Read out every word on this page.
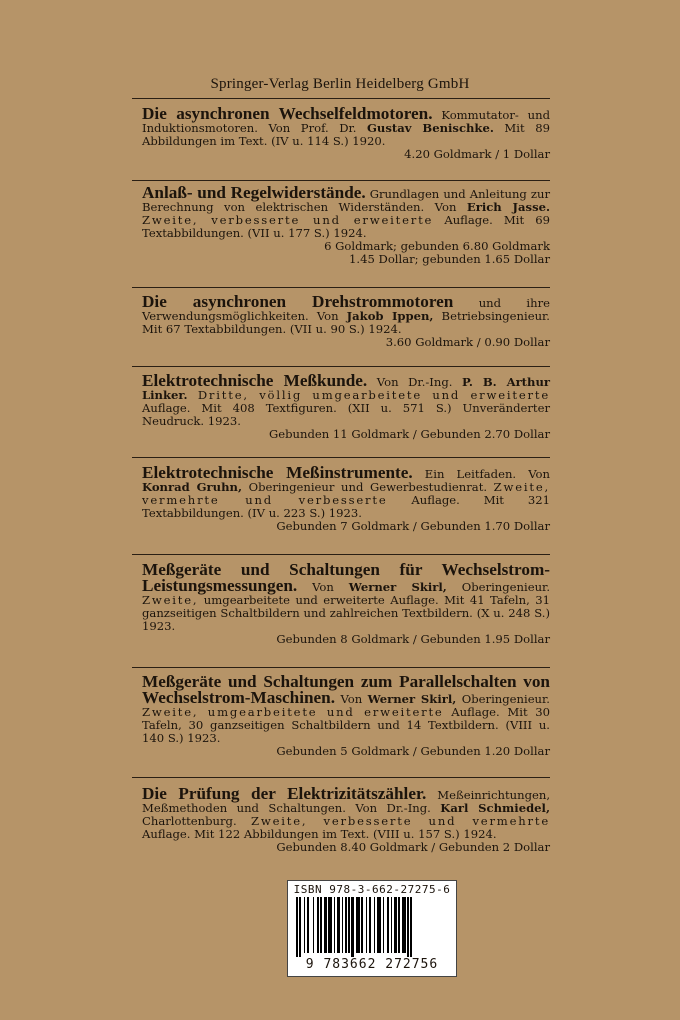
Springer-Verlag Berlin Heidelberg GmbH
Die asynchronen Wechselfeldmotoren. Kommutator- und Induktionsmotoren. Von Prof. Dr. Gustav Benischke. Mit 89 Abbildungen im Text. (IV u. 114 S.) 1920.
4.20 Goldmark / 1 Dollar
Anlaß- und Regelwiderstände. Grundlagen und Anleitung zur Berechnung von elektrischen Widerständen. Von Erich Jasse. Zweite, verbesserte und erweiterte Auflage. Mit 69 Textabbildungen. (VII u. 177 S.) 1924.
6 Goldmark; gebunden 6.80 Goldmark
1.45 Dollar; gebunden 1.65 Dollar
Die asynchronen Drehstrommotoren und ihre Verwendungsmöglichkeiten. Von Jakob Ippen, Betriebsingenieur. Mit 67 Textabbildungen. (VII u. 90 S.) 1924.
3.60 Goldmark / 0.90 Dollar
Elektrotechnische Meßkunde. Von Dr.-Ing. P. B. Arthur Linker. Dritte, völlig umgearbeitete und erweiterte Auflage. Mit 408 Textfiguren. (XII u. 571 S.) Unveränderter Neudruck. 1923.
Gebunden 11 Goldmark / Gebunden 2.70 Dollar
Elektrotechnische Meßinstrumente. Ein Leitfaden. Von Konrad Gruhn, Oberingenieur und Gewerbestudienrat. Zweite, vermehrte und verbesserte Auflage. Mit 321 Textabbildungen. (IV u. 223 S.) 1923.
Gebunden 7 Goldmark / Gebunden 1.70 Dollar
Meßgeräte und Schaltungen für Wechselstrom-Leistungsmessungen. Von Werner Skirl, Oberingenieur. Zweite, umgearbeitete und erweiterte Auflage. Mit 41 Tafeln, 31 ganzseitigen Schaltbildern und zahlreichen Textbildern. (X u. 248 S.) 1923.
Gebunden 8 Goldmark / Gebunden 1.95 Dollar
Meßgeräte und Schaltungen zum Parallelschalten von Wechselstrom-Maschinen. Von Werner Skirl, Oberingenieur. Zweite, umgearbeitete und erweiterte Auflage. Mit 30 Tafeln, 30 ganzseitigen Schaltbildern und 14 Textbildern. (VIII u. 140 S.) 1923.
Gebunden 5 Goldmark / Gebunden 1.20 Dollar
Die Prüfung der Elektrizitätszähler. Meßeinrichtungen, Meßmethoden und Schaltungen. Von Dr.-Ing. Karl Schmiedel, Charlottenburg. Zweite, verbesserte und vermehrte Auflage. Mit 122 Abbildungen im Text. (VIII u. 157 S.) 1924.
Gebunden 8.40 Goldmark / Gebunden 2 Dollar
ISBN 978-3-662-27275-6
9 783662 272756
